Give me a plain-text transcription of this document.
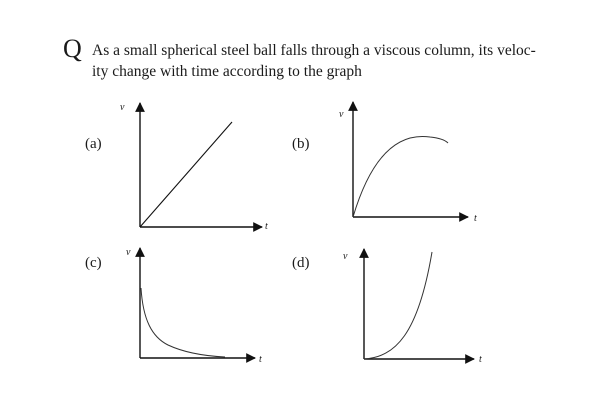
Q As a small spherical steel ball falls through a viscous column, its veloc-
ity change with time according to the graph
(a)	(b)
(c)	(d)
v
t
v
t
v
t
v
t
